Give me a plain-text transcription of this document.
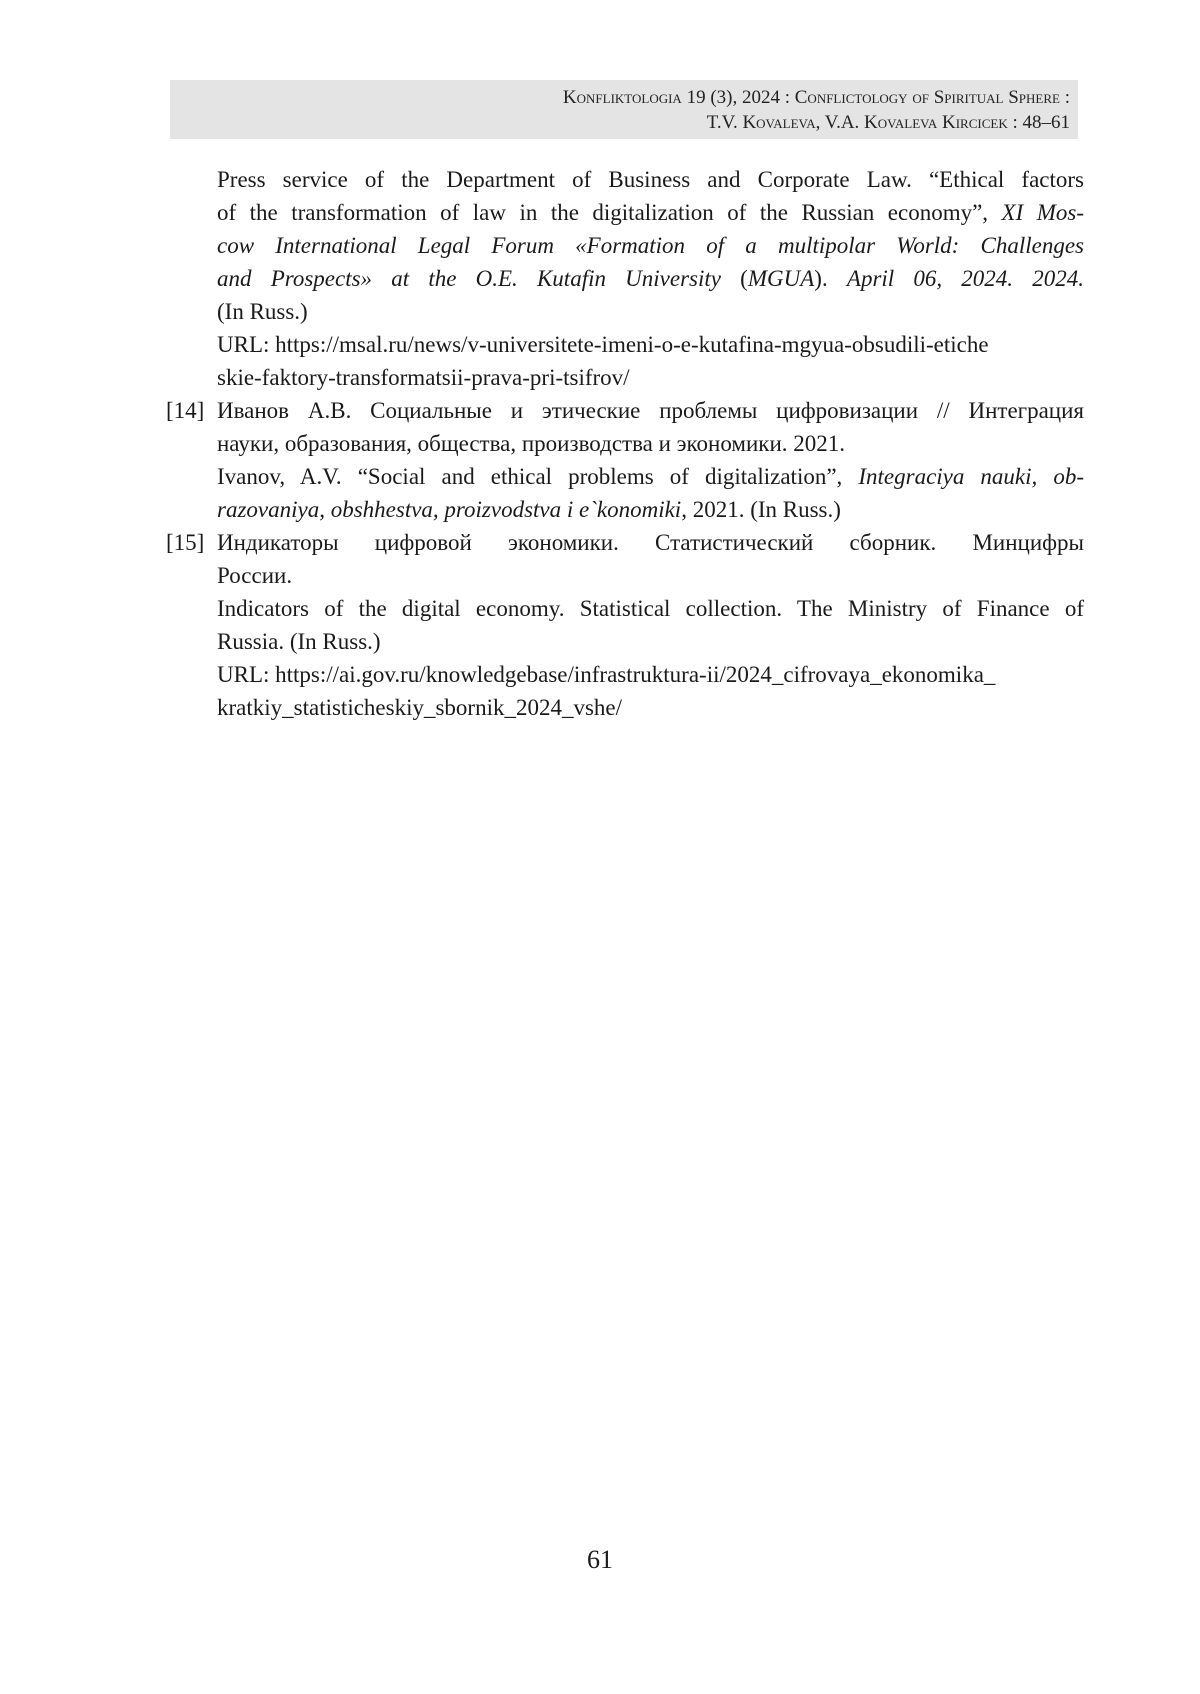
Konfliktologia 19 (3), 2024 : Conflictology of Spiritual Sphere :
T.V. Kovaleva, V.A. Kovaleva Kircicek : 48–61
Press service of the Department of Business and Corporate Law. “Ethical factors
of the transformation of law in the digitalization of the Russian economy”, XI Mos-
cow International Legal Forum «Formation of a multipolar World: Challenges
and Prospects» at the O.E. Kutafin University (MGUA). April 06, 2024. 2024.
(In Russ.)
URL: https://msal.ru/news/v-universitete-imeni-o-e-kutafina-mgyua-obsudili-etiche
skie-faktory-transformatsii-prava-pri-tsifrov/
[14] Иванов А.В. Социальные и этические проблемы цифровизации // Интеграция
науки, образования, общества, производства и экономики. 2021.
Ivanov, A.V. “Social and ethical problems of digitalization”, Integraciya nauki, ob-
razovaniya, obshhestva, proizvodstva i e`konomiki, 2021. (In Russ.)
[15] Индикаторы цифровой экономики. Статистический сборник. Минцифры
России.
Indicators of the digital economy. Statistical collection. The Ministry of Finance of
Russia. (In Russ.)
URL: https://ai.gov.ru/knowledgebase/infrastruktura-ii/2024_cifrovaya_ekonomika_
kratkiy_statisticheskiy_sbornik_2024_vshe/
61
